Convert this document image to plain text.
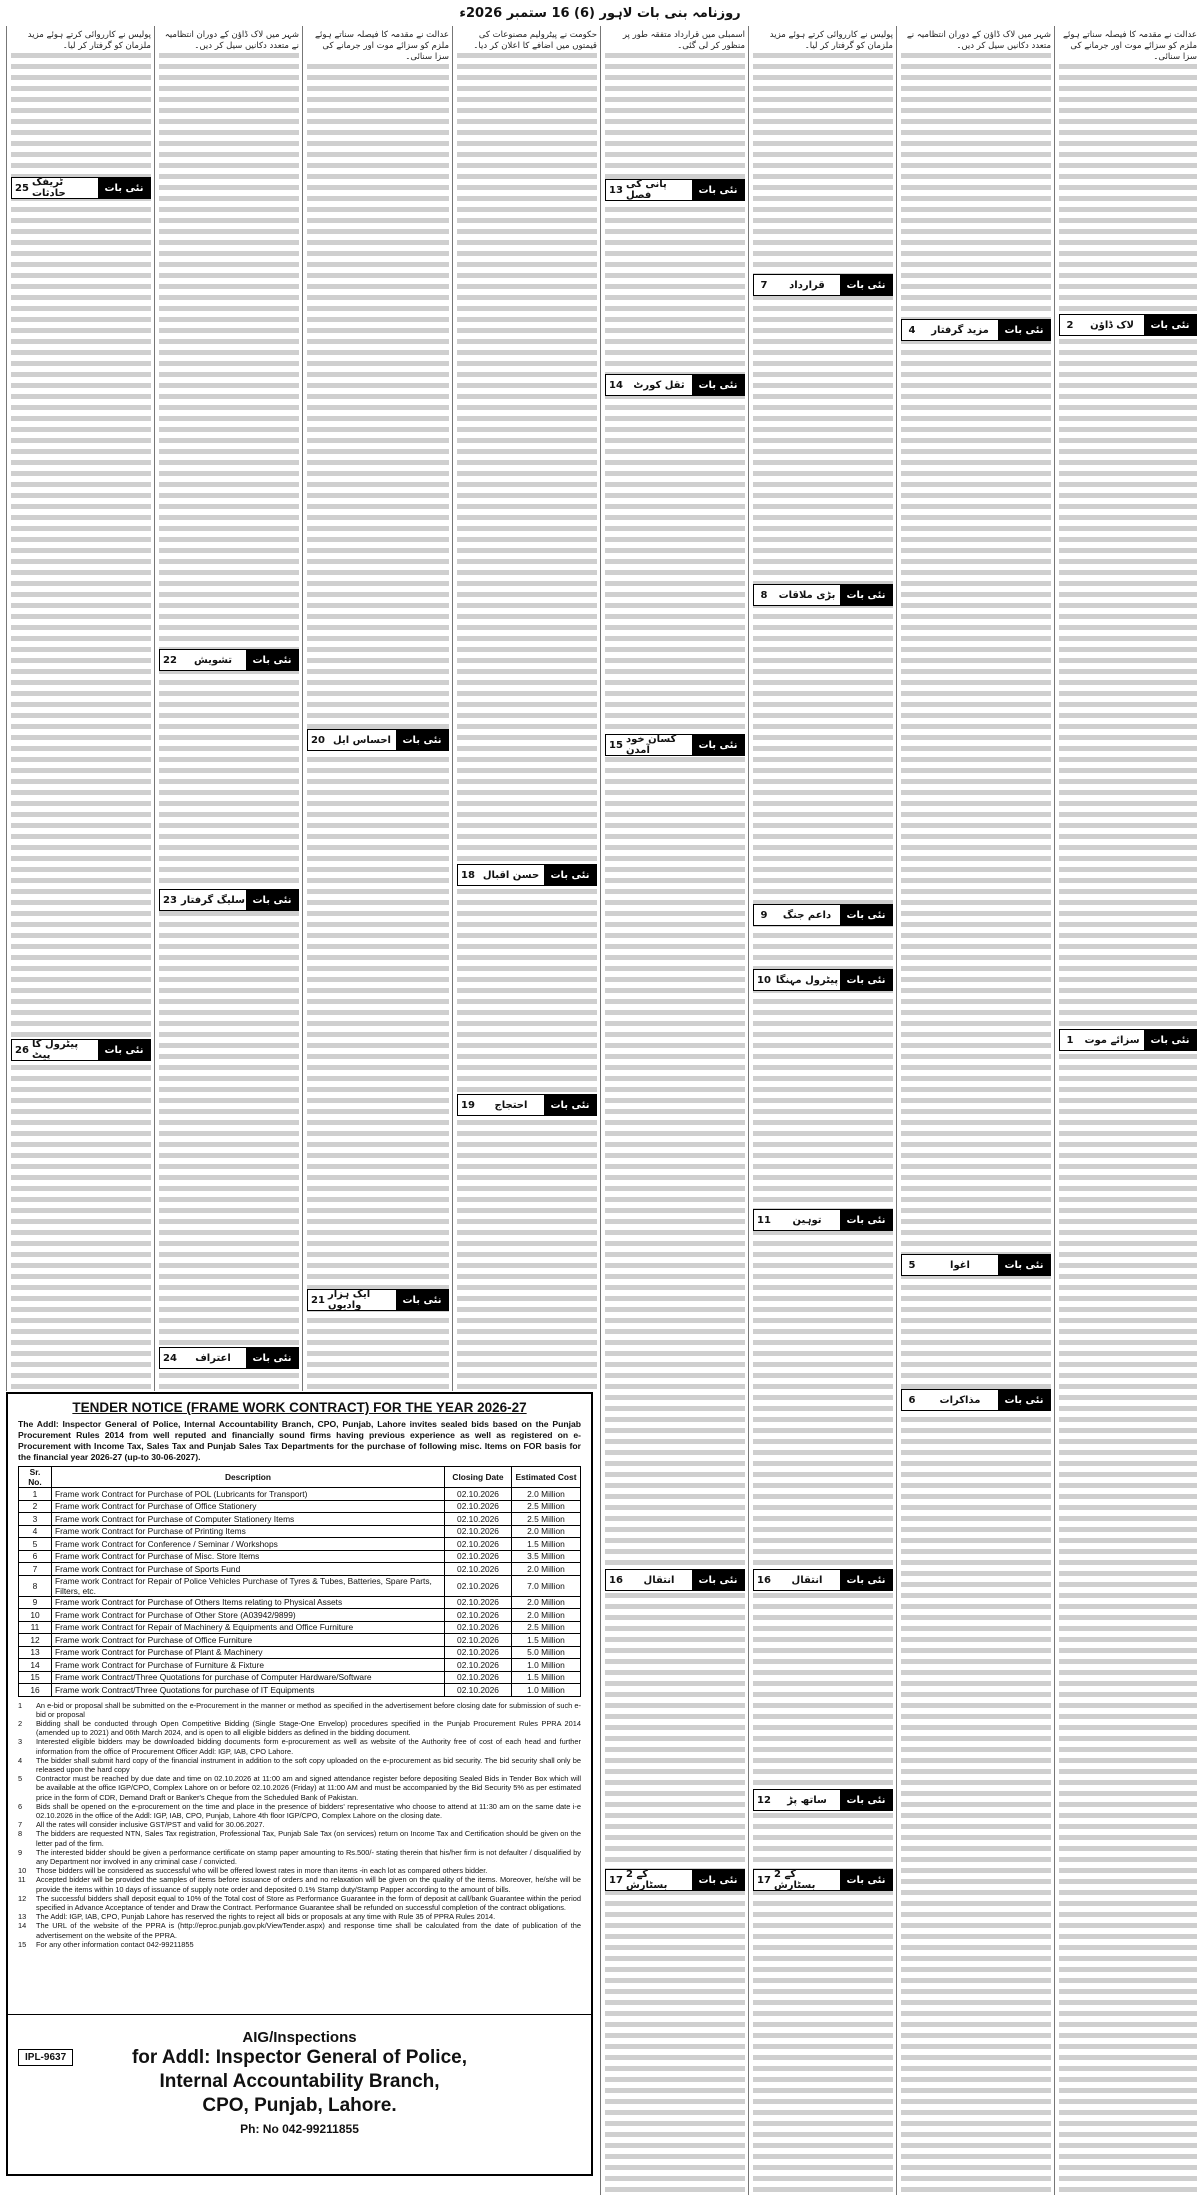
روزنامہ بنی بات لاہور (6) 16 ستمبر 2026ء
عدالت نے مقدمہ کا فیصلہ سناتے ہوئے ملزم کو سزائے موت اور جرمانے کی سزا سنائی۔
1	سزائے موت	نئی بات
2	لاک ڈاؤن	نئی بات
شہر میں لاک ڈاؤن کے دوران انتظامیہ نے متعدد دکانیں سیل کر دیں۔
4	مزید گرفتار	نئی بات
5	اغوا	نئی بات
6	مذاکرات	نئی بات
پولیس نے کارروائی کرتے ہوئے مزید ملزمان کو گرفتار کر لیا۔
7	قرارداد	نئی بات
8	بڑی ملاقات	نئی بات
9	داعم جنگ	نئی بات
10 پیٹرول مہنگا نئی بات
11	توہین	نئی بات
12	ساتھ پڑ	نئی بات
16	انتقال	نئی بات
17 کے 2 بسٹارش	نئی بات
اسمبلی میں قرارداد متفقہ طور پر منظور کر لی گئی۔
13 پانی کی فصل	نئی بات
14	ثقل کورٹ	نئی بات
15 کسان خود آمدن	نئی بات
16	انتقال	نئی بات
17 کے 2 بسٹارش	نئی بات
حکومت نے پیٹرولیم مصنوعات کی قیمتوں میں اضافے کا اعلان کر دیا۔
18 حسن اقبال	نئی بات
19	احتجاج	نئی بات
عدالت نے مقدمہ کا فیصلہ سناتے ہوئے ملزم کو سزائے موت اور جرمانے کی سزا سنائی۔
20 احساس ایل	نئی بات
21 ایک ہزار وادیوں	نئی بات
شہر میں لاک ڈاؤن کے دوران انتظامیہ نے متعدد دکانیں سیل کر دیں۔
22	تشویش	نئی بات
23 سلیگ گرفتار نئی بات
24	اعتراف	نئی بات
پولیس نے کارروائی کرتے ہوئے مزید ملزمان کو گرفتار کر لیا۔
25 ٹریفک حادثات	نئی بات
26 پیٹرول کا پیٹ	نئی بات
TENDER NOTICE (FRAME WORK CONTRACT) FOR THE YEAR 2026-27
The Addl: Inspector General of Police, Internal Accountability Branch, CPO, Punjab, Lahore invites sealed bids based on the Punjab Procurement Rules 2014 from well reputed and financially sound firms having previous experience as well as registered on e-Procurement with Income Tax, Sales Tax and Punjab Sales Tax Departments for the purchase of following misc. Items on FOR basis for the financial year 2026-27 (up-to 30-06-2027).
Sr. No.	Description	Closing Date	Estimated Cost
1	Frame work Contract for Purchase of POL (Lubricants for Transport)	02.10.2026	2.0 Million
2	Frame work Contract for Purchase of Office Stationery	02.10.2026	2.5 Million
3	Frame work Contract for Purchase of Computer Stationery Items	02.10.2026	2.5 Million
4	Frame work Contract for Purchase of Printing Items	02.10.2026	2.0 Million
5	Frame work Contract for Conference / Seminar / Workshops	02.10.2026	1.5 Million
6	Frame work Contract for Purchase of Misc. Store Items	02.10.2026	3.5 Million
7	Frame work Contract for Purchase of Sports Fund	02.10.2026	2.0 Million
8	Frame work Contract for Repair of Police Vehicles Purchase of Tyres & Tubes, Batteries, Spare Parts, Filters, etc.	02.10.2026	7.0 Million
9	Frame work Contract for Purchase of Others Items relating to Physical Assets	02.10.2026	2.0 Million
10	Frame work Contract for Purchase of Other Store (A03942/9899)	02.10.2026	2.0 Million
11	Frame work Contract for Repair of Machinery & Equipments and Office Furniture	02.10.2026	2.5 Million
12	Frame work Contract for Purchase of Office Furniture	02.10.2026	1.5 Million
13	Frame work Contract for Purchase of Plant & Machinery	02.10.2026	5.0 Million
14	Frame work Contract for Purchase of Furniture & Fixture	02.10.2026	1.0 Million
15	Frame work Contract/Three Quotations for purchase of Computer Hardware/Software	02.10.2026	1.5 Million
16	Frame work Contract/Three Quotations for purchase of IT Equipments	02.10.2026	1.0 Million
1	An e-bid or proposal shall be submitted on the e-Procurement in the manner or method as specified in the advertisement before closing date for submission of such e-bid or proposal
2	Bidding shall be conducted through Open Competitive Bidding (Single Stage-One Envelop) procedures specified in the Punjab Procurement Rules PPRA 2014 (amended up to 2021) and 06th March 2024, and is open to all eligible bidders as defined in the bidding document.
3	Interested eligible bidders may be downloaded bidding documents form e-procurement as well as website of the Authority free of cost of each head and further information from the office of Procurement Officer Addl: IGP, IAB, CPO Lahore.
4	The bidder shall submit hard copy of the financial instrument in addition to the soft copy uploaded on the e-procurement as bid security. The bid security shall only be released upon the hard copy
5	Contractor must be reached by due date and time on 02.10.2026 at 11:00 am and signed attendance register before depositing Sealed Bids in Tender Box which will be available at the office IGP/CPO, Complex Lahore on or before 02.10.2026 (Friday) at 11:00 AM and must be accompanied by the Bid Security 5% as per estimated price in the form of CDR, Demand Draft or Banker's Cheque from the Scheduled Bank of Pakistan.
6	Bids shall be opened on the e-procurement on the time and place in the presence of bidders' representative who choose to attend at 11:30 am on the same date i-e 02.10.2026 in the office of the Addl: IGP, IAB, CPO, Punjab, Lahore 4th floor IGP/CPO, Complex Lahore on the closing date.
7	All the rates will consider inclusive GST/PST and valid for 30.06.2027.
8	The bidders are requested NTN, Sales Tax registration, Professional Tax, Punjab Sale Tax (on services) return on Income Tax and Certification should be given on the letter pad of the firm.
9	The interested bidder should be given a performance certificate on stamp paper amounting to Rs.500/- stating therein that his/her firm is not defaulter / disqualified by any Department nor involved in any criminal case / convicted.
10	Those bidders will be considered as successful who will be offered lowest rates in more than items -in each lot as compared others bidder.
11	Accepted bidder will be provided the samples of items before issuance of orders and no relaxation will be given on the quality of the items. Moreover, he/she will be provide the items within 10 days of issuance of supply note order and deposited 0.1% Stamp duty/Stamp Papper according to the amount of bills.
12	The successful bidders shall deposit equal to 10% of the Total cost of Store as Performance Guarantee in the form of deposit at call/bank Guarantee within the period specified in Advance Acceptance of tender and Draw the Contract. Performance Guarantee shall be refunded on successful completion of the contract obligations.
13	The Addl: IGP, IAB, CPO, Punjab Lahore has reserved the rights to reject all bids or proposals at any time with Rule 35 of PPRA Rules 2014.
14	The URL of the website of the PPRA is (http://eproc.punjab.gov.pk/ViewTender.aspx) and response time shall be calculated from the date of publication of the advertisement on the website of the PPRA.
15	For any other information contact 042-99211855
IPL-9637
AIG/Inspections
for Addl: Inspector General of Police,
Internal Accountability Branch,
CPO, Punjab, Lahore.
Ph: No 042-99211855
